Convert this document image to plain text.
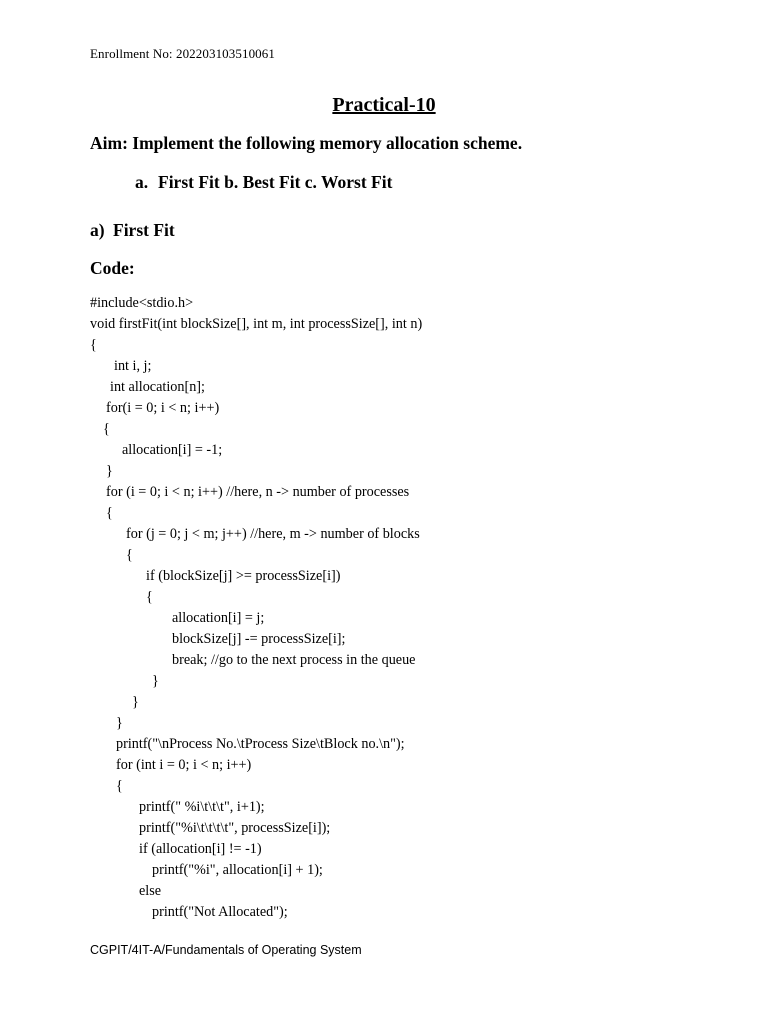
Enrollment No: 202203103510061
Practical-10
Aim: Implement the following memory allocation scheme.
a. First Fit b. Best Fit c. Worst Fit
a) First Fit
Code:
#include<stdio.h>
void firstFit(int blockSize[], int m, int processSize[], int n)
{
int i, j;
int allocation[n];
for(i = 0; i < n; i++)
{
allocation[i] = -1;
}
for (i = 0; i < n; i++) //here, n -> number of processes
{
for (j = 0; j < m; j++) //here, m -> number of blocks
{
if (blockSize[j] >= processSize[i])
{
allocation[i] = j;
blockSize[j] -= processSize[i];
break; //go to the next process in the queue
}
}
}
printf("\nProcess No.\tProcess Size\tBlock no.\n");
for (int i = 0; i < n; i++)
{
printf(" %i\t\t\t", i+1);
printf("%i\t\t\t\t", processSize[i]);
if (allocation[i] != -1)
printf("%i", allocation[i] + 1);
else
printf("Not Allocated");
CGPIT/4IT-A/Fundamentals of Operating System
